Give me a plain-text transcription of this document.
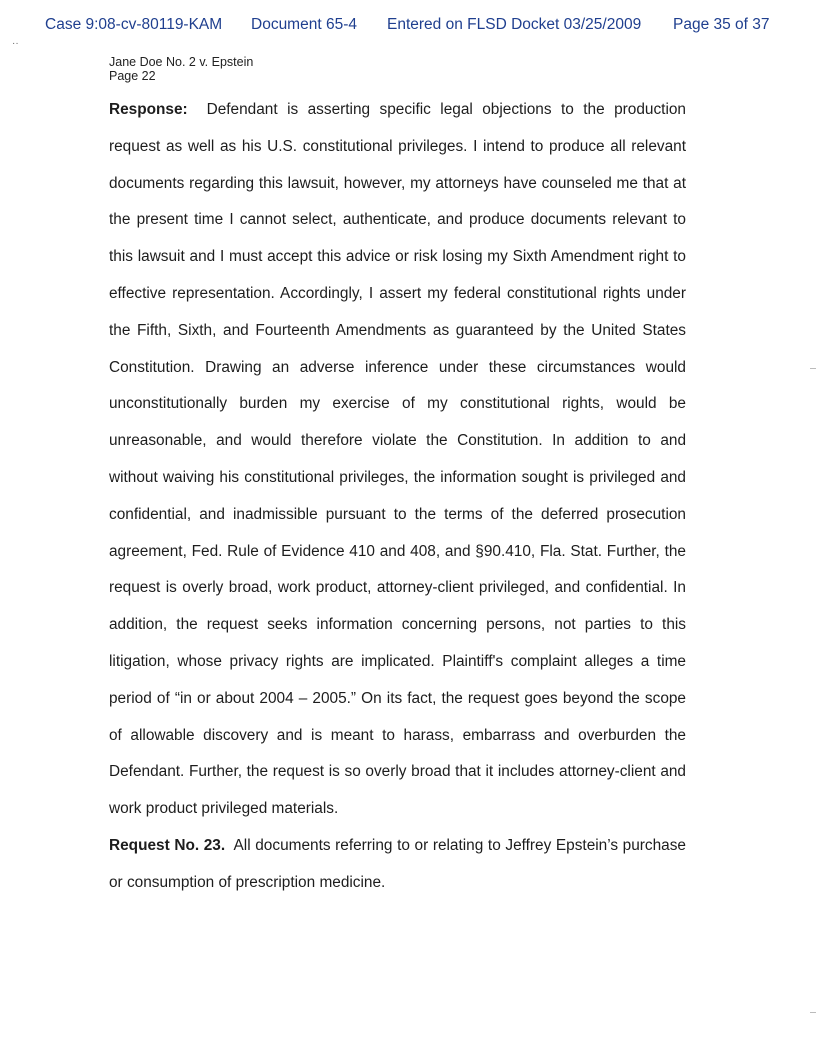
Case 9:08-cv-80119-KAM Document 65-4 Entered on FLSD Docket 03/25/2009 Page 35 of 37
··
Jane Doe No. 2 v. Epstein
Page 22

Response: Defendant is asserting specific legal objections to the production request as well as his U.S. constitutional privileges. I intend to produce all relevant documents regarding this lawsuit, however, my attorneys have counseled me that at the present time I cannot select, authenticate, and produce documents relevant to this lawsuit and I must accept this advice or risk losing my Sixth Amendment right to effective representation. Accordingly, I assert my federal constitutional rights under the Fifth, Sixth, and Fourteenth Amendments as guaranteed by the United States Constitution. Drawing an adverse inference under these circumstances would unconstitutionally burden my exercise of my constitutional rights, would be unreasonable, and would therefore violate the Constitution. In addition to and without waiving his constitutional privileges, the information sought is privileged and confidential, and inadmissible pursuant to the terms of the deferred prosecution agreement, Fed. Rule of Evidence 410 and 408, and §90.410, Fla. Stat. Further, the request is overly broad, work product, attorney-client privileged, and confidential. In addition, the request seeks information concerning persons, not parties to this litigation, whose privacy rights are implicated. Plaintiff's complaint alleges a time period of “in or about 2004 – 2005.” On its fact, the request goes beyond the scope of allowable discovery and is meant to harass, embarrass and overburden the Defendant. Further, the request is so overly broad that it includes attorney-client and work product privileged materials.

Request No. 23. All documents referring to or relating to Jeffrey Epstein’s purchase or consumption of prescription medicine.
